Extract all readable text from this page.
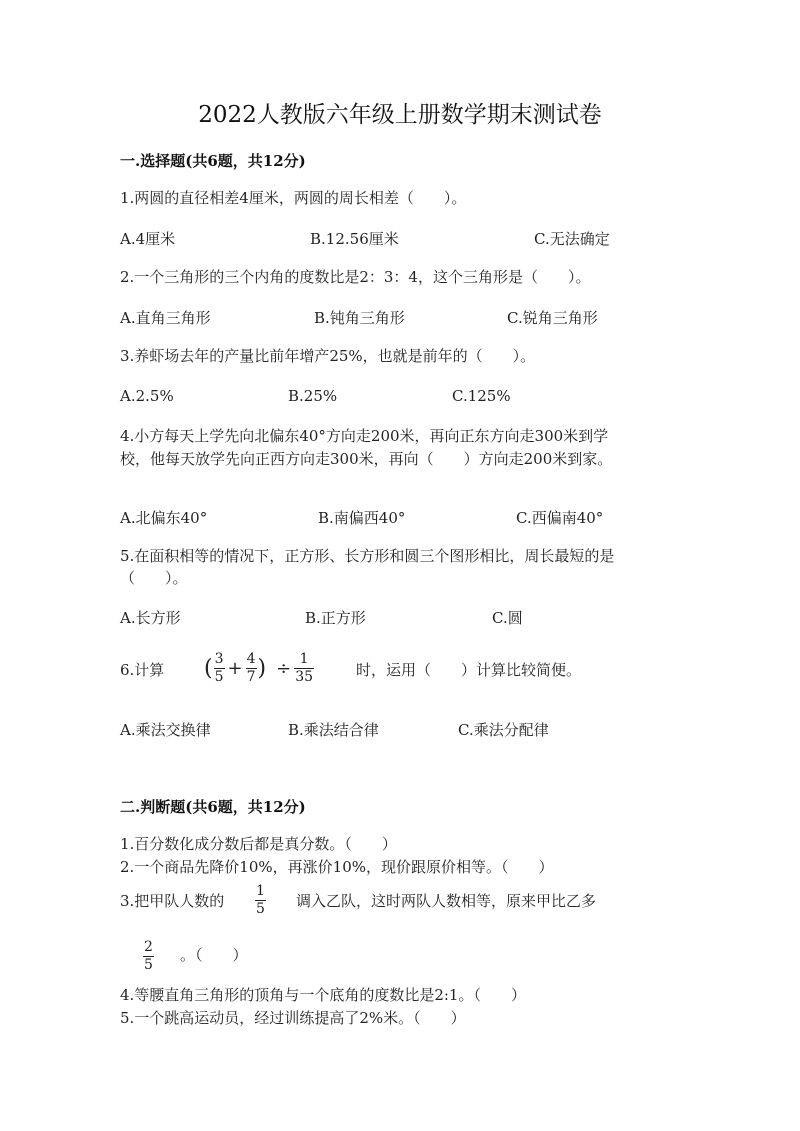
2022人教版六年级上册数学期末测试卷
一.选择题(共6题，共12分)
1.两圆的直径相差4厘米，两圆的周长相差（　　）。
A.4厘米	B.12.56厘米	C.无法确定
2.一个三角形的三个内角的度数比是2：3：4，这个三角形是（　　）。
A.直角三角形	B.钝角三角形	C.锐角三角形
3.养虾场去年的产量比前年增产25%，也就是前年的（　　）。
A.2.5%	B.25%	C.125%
4.小方每天上学先向北偏东40°方向走200米，再向正东方向走300米到学
校，他每天放学先向正西方向走300米，再向（　　）方向走200米到家。
A.北偏东40°	B.南偏西40°	C.西偏南40°
5.在面积相等的情况下，正方形、长方形和圆三个图形相比，周长最短的是
（　　）。
A.长方形	B.正方形	C.圆
6.计算 ( $\frac{3}{5} + \frac{4}{7}$ ) ÷ $\frac{1}{35}$	时，运用（　　）计算比较简便。
A.乘法交换律	B.乘法结合律	C.乘法分配律
二.判断题(共6题，共12分)
1.百分数化成分数后都是真分数。（　　）
2.一个商品先降价10%，再涨价10%，现价跟原价相等。（　　）
3.把甲队人数的 $\frac{1}{5}$ 调入乙队，这时两队人数相等，原来甲比乙多
$\frac{2}{5}$ 。（　　）
4.等腰直角三角形的顶角与一个底角的度数比是2:1。（　　）
5.一个跳高运动员，经过训练提高了2%米。（　　）
